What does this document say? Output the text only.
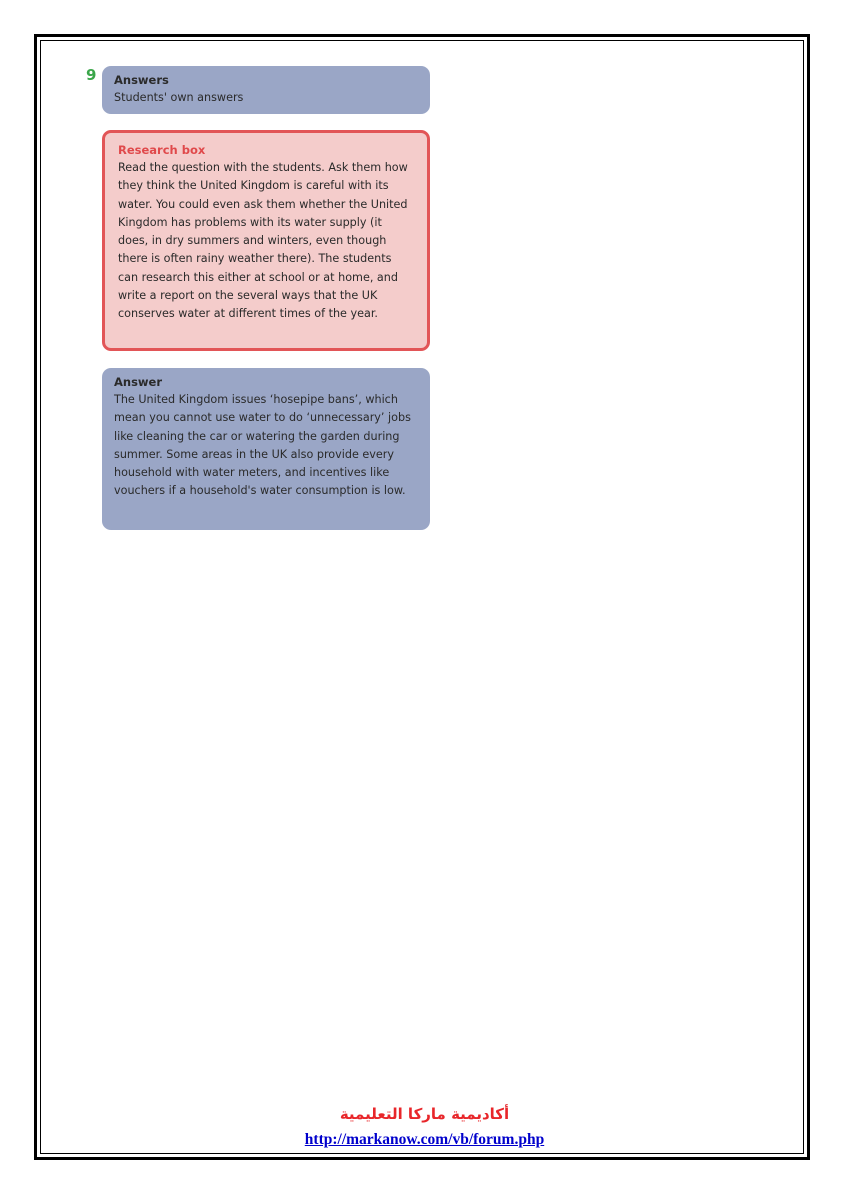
9 Answers

Students' own answers

Research box

Read the question with the students. Ask them how they think the United Kingdom is careful with its water. You could even ask them whether the United Kingdom has problems with its water supply (it does, in dry summers and winters, even though there is often rainy weather there). The students can research this either at school or at home, and write a report on the several ways that the UK conserves water at different times of the year.

Answer

The United Kingdom issues ‘hosepipe bans’, which mean you cannot use water to do ‘unnecessary’ jobs like cleaning the car or watering the garden during summer. Some areas in the UK also provide every household with water meters, and incentives like vouchers if a household's water consumption is low.

أكاديمية ماركا التعليمية
http://markanow.com/vb/forum.php
